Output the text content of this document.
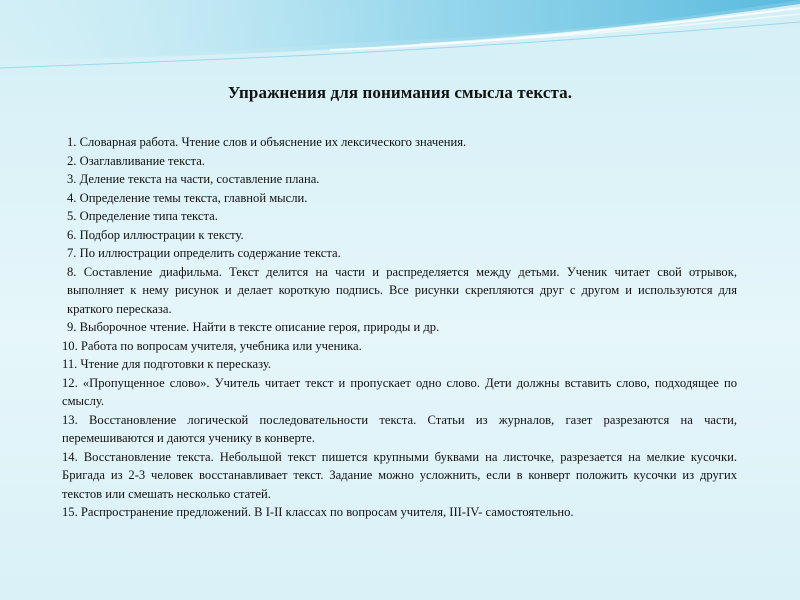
Упражнения для понимания смысла текста.

1. Словарная работа. Чтение слов и объяснение их лексического значения.

2. Озаглавливание текста.

3. Деление текста на части, составление плана.

4. Определение темы текста, главной мысли.

5. Определение типа текста.

6. Подбор иллюстрации к тексту.

7. По иллюстрации определить содержание текста.

8. Составление диафильма. Текст делится на части и распределяется между детьми. Ученик читает свой отрывок, выполняет к нему рисунок и делает короткую подпись. Все рисунки скрепляются друг с другом и используются для краткого пересказа.

9. Выборочное чтение. Найти в тексте описание героя, природы и др.

10. Работа по вопросам учителя, учебника или ученика.

11. Чтение для подготовки к пересказу.

12. «Пропущенное слово». Учитель читает текст и пропускает одно слово. Дети должны вставить слово, подходящее по смыслу.

13. Восстановление логической последовательности текста. Статьи из журналов, газет разрезаются на части, перемешиваются и даются ученику в конверте.

14. Восстановление текста. Небольшой текст пишется крупными буквами на листочке, разрезается на мелкие кусочки. Бригада из 2-3 человек восстанавливает текст. Задание можно усложнить, если в конверт положить кусочки из других текстов или смешать несколько статей.

15. Распространение предложений. В I-II классах по вопросам учителя, III-IV- самостоятельно.
